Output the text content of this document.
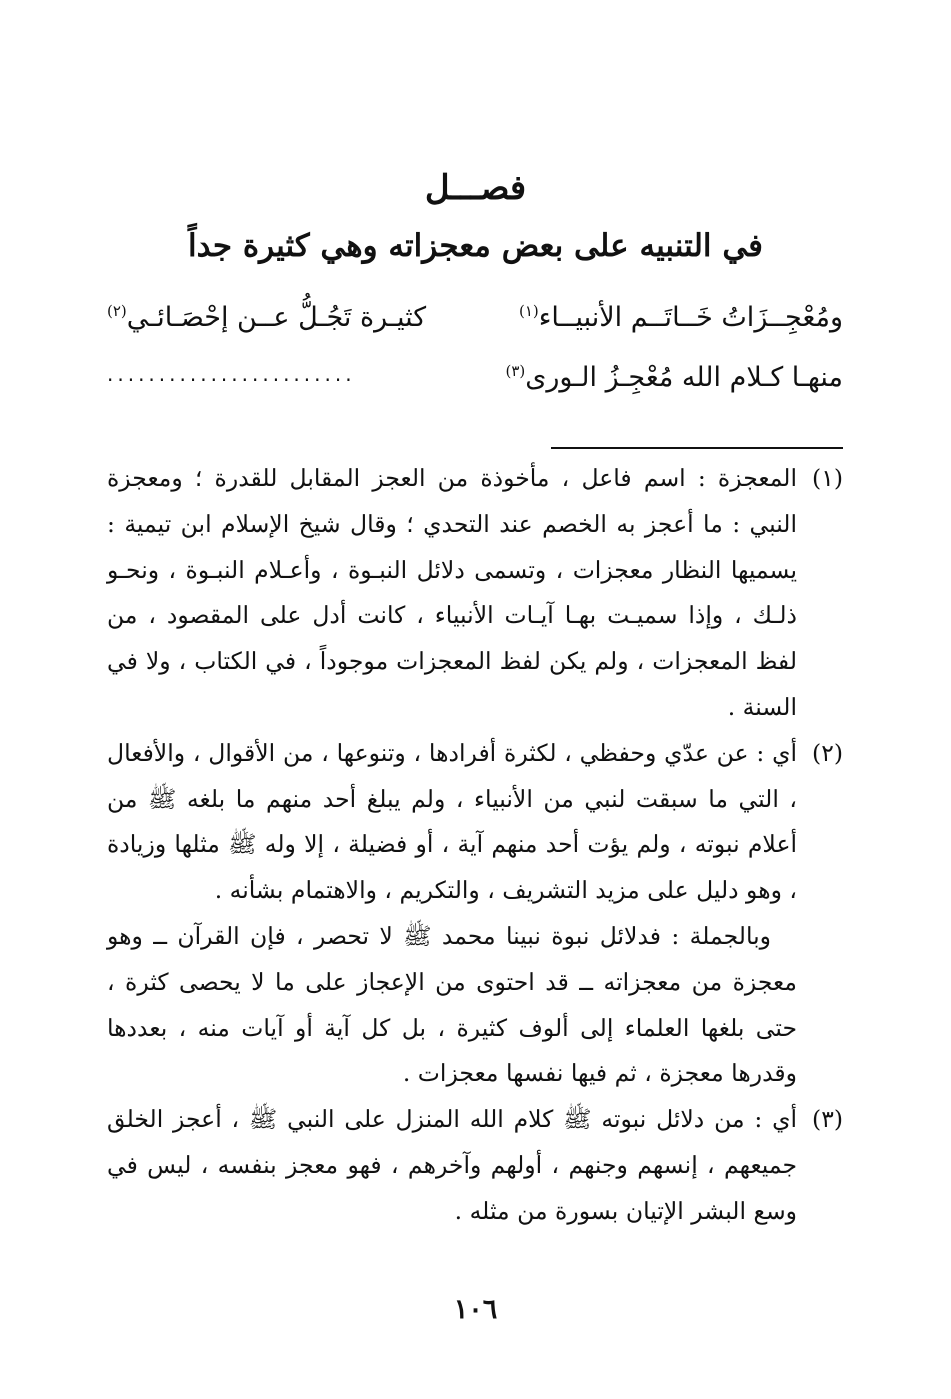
فصـــل
في التنبيه على بعض معجزاته وهي كثيرة جداً
ومُعْجِــزَاتُ خَــاتَــم الأنبيــاء$^{(١)}$
كثيـرة تَجُـلُّ عــن إحْصَـائـي$^{(٢)}$
منهـا كـلام الله مُعْجِـزُ الـورى$^{(٣)}$
........................
(١)
المعجزة : اسم فاعل ، مأخوذة من العجز المقابل للقدرة ؛ ومعجزة النبي : ما أعجز به الخصم عند التحدي ؛ وقال شيخ الإسلام ابن تيمية : يسميها النظار معجزات ، وتسمى دلائل النبـوة ، وأعـلام النبـوة ، ونحـو ذلـك ، وإذا سميـت بهـا آيـات الأنبياء ، كانت أدل على المقصود ، من لفظ المعجزات ، ولم يكن لفظ المعجزات موجوداً ، في الكتاب ، ولا في السنة .
(٢)
أي : عن عدّي وحفظي ، لكثرة أفرادها ، وتنوعها ، من الأقوال ، والأفعال ، التي ما سبقت لنبي من الأنبياء ، ولم يبلغ أحد منهم ما بلغه ﷺ من أعلام نبوته ، ولم يؤت أحد منهم آية ، أو فضيلة ، إلا وله ﷺ مثلها وزيادة ، وهو دليل على مزيد التشريف ، والتكريم ، والاهتمام بشأنه .
وبالجملة : فدلائل نبوة نبينا محمد ﷺ لا تحصر ، فإن القرآن ــ وهو معجزة من معجزاته ــ قد احتوى من الإعجاز على ما لا يحصى كثرة ، حتى بلغها العلماء إلى ألوف كثيرة ، بل كل آية أو آيات منه ، بعددها وقدرها معجزة ، ثم فيها نفسها معجزات .
(٣)
أي : من دلائل نبوته ﷺ كلام الله المنزل على النبي ﷺ ، أعجز الخلق جميعهم ، إنسهم وجنهم ، أولهم وآخرهم ، فهو معجز بنفسه ، ليس في وسع البشر الإتيان بسورة من مثله .
١٠٦
